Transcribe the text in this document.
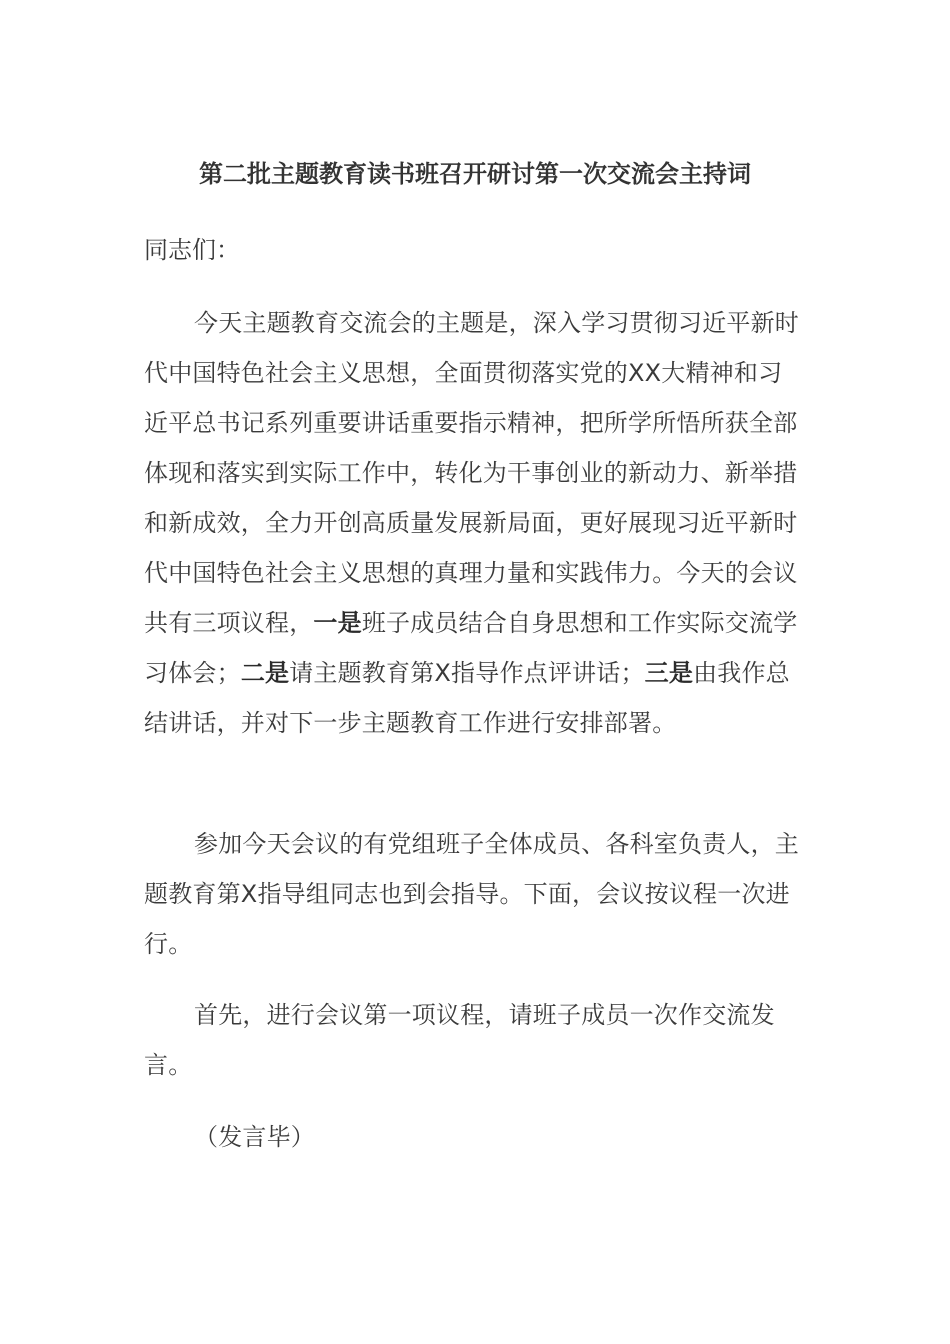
第二批主题教育读书班召开研讨第一次交流会主持词

同志们：

今天主题教育交流会的主题是，深入学习贯彻习近平新时代中国特色社会主义思想，全面贯彻落实党的XX大精神和习近平总书记系列重要讲话重要指示精神，把所学所悟所获全部体现和落实到实际工作中，转化为干事创业的新动力、新举措和新成效，全力开创高质量发展新局面，更好展现习近平新时代中国特色社会主义思想的真理力量和实践伟力。今天的会议共有三项议程，一是班子成员结合自身思想和工作实际交流学习体会；二是请主题教育第X指导作点评讲话；三是由我作总结讲话，并对下一步主题教育工作进行安排部署。

参加今天会议的有党组班子全体成员、各科室负责人，主题教育第X指导组同志也到会指导。下面，会议按议程一次进行。

首先，进行会议第一项议程，请班子成员一次作交流发言。

（发言毕）
